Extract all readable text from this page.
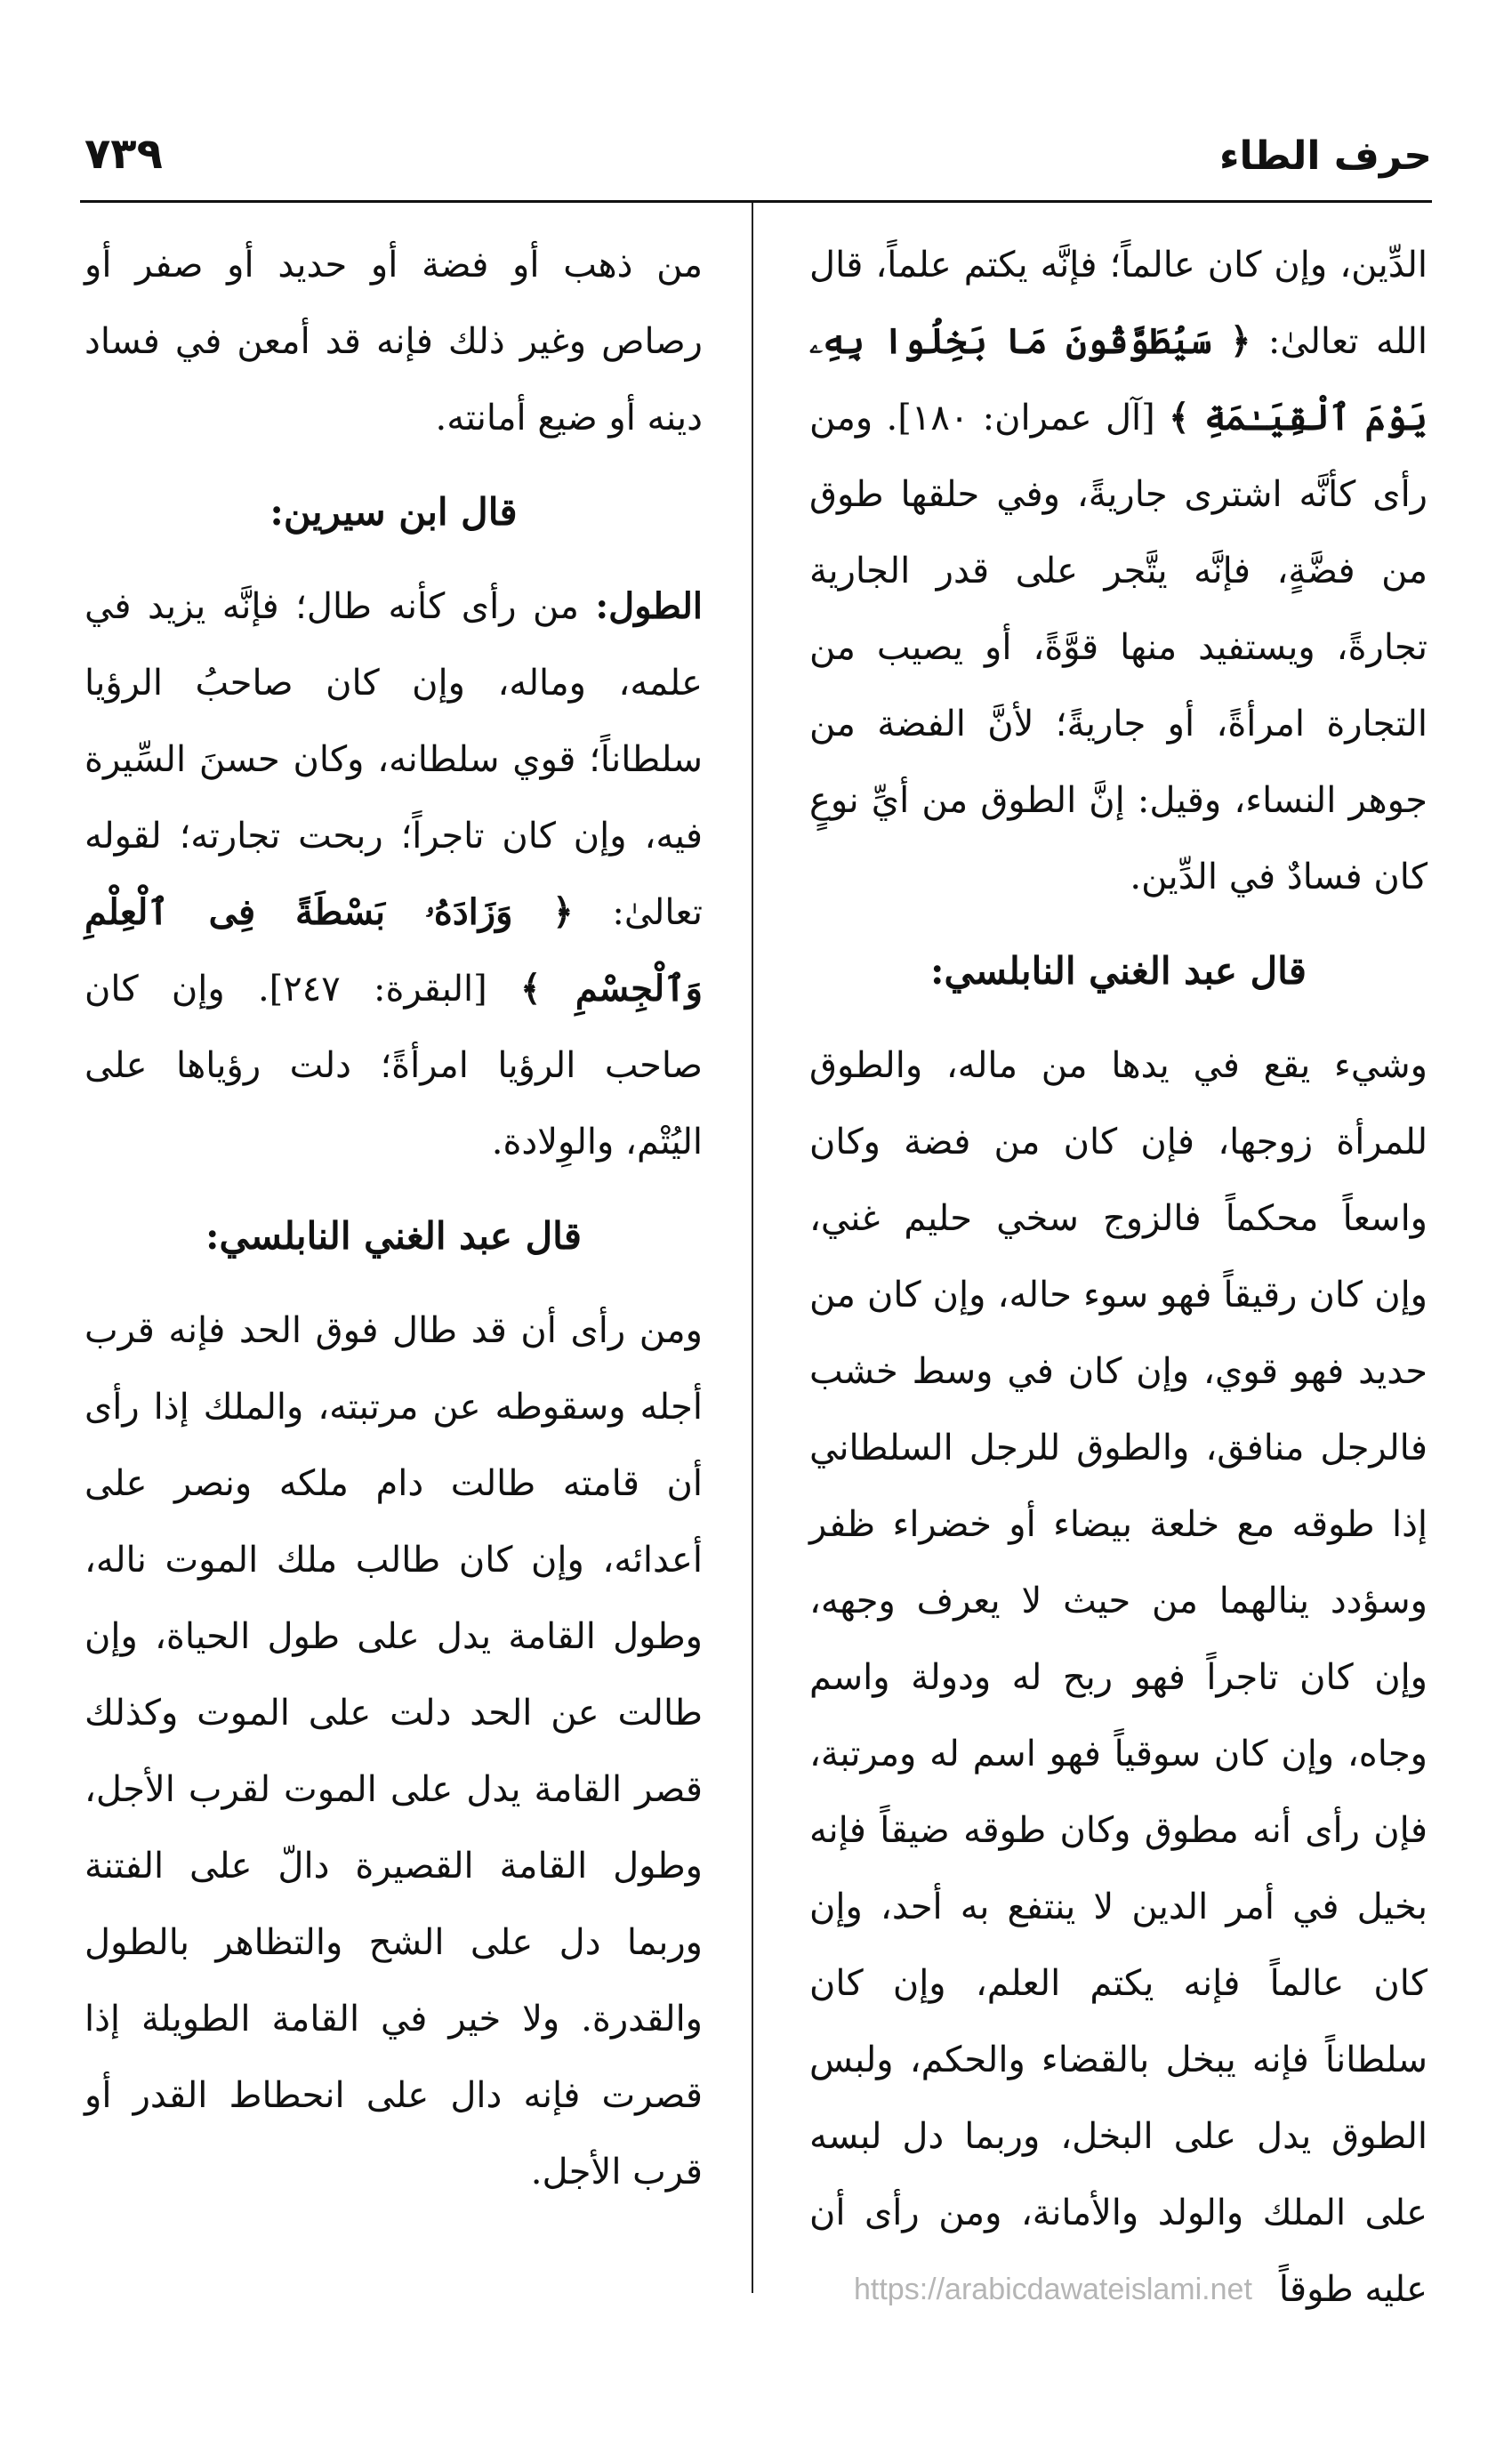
حرف الطاء
٧٣٩

الدِّين، وإن كان عالماً؛ فإنَّه يكتم علماً، قال الله تعالىٰ: ﴿ سَيُطَوَّقُونَ مَا بَخِلُوا بِهِۦ يَوْمَ ٱلْقِيَـٰمَةِ ﴾ [آل عمران: ١٨٠]. ومن رأى كأنَّه اشترى جاريةً، وفي حلقها طوق من فضَّةٍ، فإنَّه يتَّجر على قدر الجارية تجارةً، ويستفيد منها قوَّةً، أو يصيب من التجارة امرأةً، أو جاريةً؛ لأنَّ الفضة من جوهر النساء، وقيل: إنَّ الطوق من أيِّ نوعٍ كان فسادٌ في الدِّين.

قال عبد الغني النابلسي:

وشيء يقع في يدها من ماله، والطوق للمرأة زوجها، فإن كان من فضة وكان واسعاً محكماً فالزوج سخي حليم غني، وإن كان رقيقاً فهو سوء حاله، وإن كان من حديد فهو قوي، وإن كان في وسط خشب فالرجل منافق، والطوق للرجل السلطاني إذا طوقه مع خلعة بيضاء أو خضراء ظفر وسؤدد ينالهما من حيث لا يعرف وجهه، وإن كان تاجراً فهو ربح له ودولة واسم وجاه، وإن كان سوقياً فهو اسم له ومرتبة، فإن رأى أنه مطوق وكان طوقه ضيقاً فإنه بخيل في أمر الدين لا ينتفع به أحد، وإن كان عالماً فإنه يكتم العلم، وإن كان سلطاناً فإنه يبخل بالقضاء والحكم، ولبس الطوق يدل على البخل، وربما دل لبسه على الملك والولد والأمانة، ومن رأى أن عليه طوقاً

من ذهب أو فضة أو حديد أو صفر أو رصاص وغير ذلك فإنه قد أمعن في فساد دينه أو ضيع أمانته.

قال ابن سيرين:

الطول: من رأى كأنه طال؛ فإنَّه يزيد في علمه، وماله، وإن كان صاحبُ الرؤيا سلطاناً؛ قوي سلطانه، وكان حسنَ السِّيرة فيه، وإن كان تاجراً؛ ربحت تجارته؛ لقوله تعالىٰ: ﴿ وَزَادَهُۥ بَسْطَةً فِى ٱلْعِلْمِ وَٱلْجِسْمِ ﴾ [البقرة: ٢٤٧]. وإن كان صاحب الرؤيا امرأةً؛ دلت رؤياها على اليُتْم، والوِلادة.

قال عبد الغني النابلسي:

ومن رأى أن قد طال فوق الحد فإنه قرب أجله وسقوطه عن مرتبته، والملك إذا رأى أن قامته طالت دام ملكه ونصر على أعدائه، وإن كان طالب ملك الموت ناله، وطول القامة يدل على طول الحياة، وإن طالت عن الحد دلت على الموت وكذلك قصر القامة يدل على الموت لقرب الأجل، وطول القامة القصيرة دالّ على الفتنة وربما دل على الشح والتظاهر بالطول والقدرة. ولا خير في القامة الطويلة إذا قصرت فإنه دال على انحطاط القدر أو قرب الأجل.

https://arabicdawateislami.net
